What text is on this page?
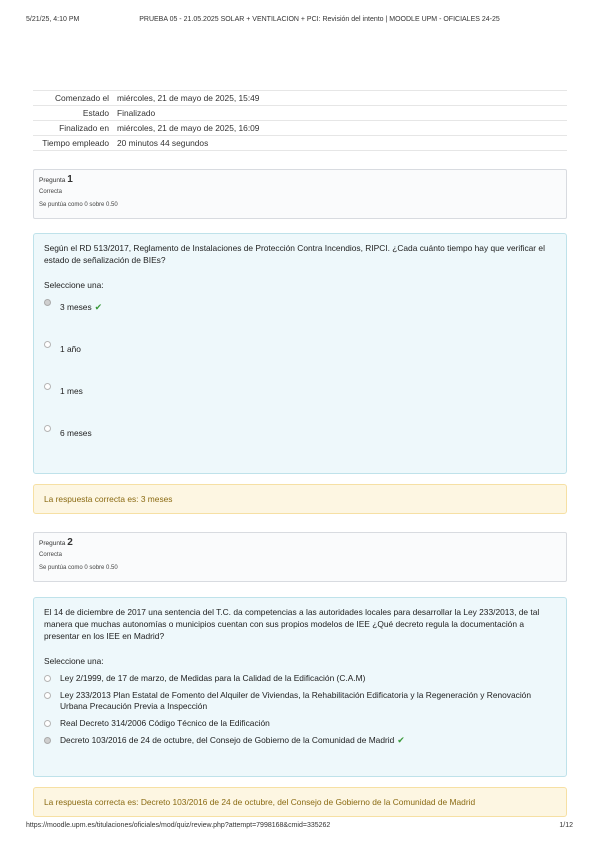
5/21/25, 4:10 PM	PRUEBA 05 - 21.05.2025 SOLAR + VENTILACION + PCI: Revisión del intento | MOODLE UPM - OFICIALES 24-25
Comenzado el miércoles, 21 de mayo de 2025, 15:49
Estado Finalizado
Finalizado en miércoles, 21 de mayo de 2025, 16:09
Tiempo empleado 20 minutos 44 segundos
Pregunta 1
Correcta
Se puntúa como 0 sobre 0.50
Según el RD 513/2017, Reglamento de Instalaciones de Protección Contra Incendios, RIPCI. ¿Cada cuánto tiempo hay que verificar el estado de señalización de BIEs?
Seleccione una:
3 meses ✔
1 año
1 mes
6 meses
La respuesta correcta es: 3 meses
Pregunta 2
Correcta
Se puntúa como 0 sobre 0.50
El 14 de diciembre de 2017 una sentencia del T.C. da competencias a las autoridades locales para desarrollar la Ley 233/2013, de tal manera que muchas autonomías o municipios cuentan con sus propios modelos de IEE ¿Qué decreto regula la documentación a presentar en los IEE en Madrid?
Seleccione una:
Ley 2/1999, de 17 de marzo, de Medidas para la Calidad de la Edificación (C.A.M)
Ley 233/2013 Plan Estatal de Fomento del Alquiler de Viviendas, la Rehabilitación Edificatoria y la Regeneración y Renovación Urbana Precaución Previa a Inspección
Real Decreto 314/2006 Código Técnico de la Edificación
Decreto 103/2016 de 24 de octubre, del Consejo de Gobierno de la Comunidad de Madrid ✔
La respuesta correcta es: Decreto 103/2016 de 24 de octubre, del Consejo de Gobierno de la Comunidad de Madrid
https://moodle.upm.es/titulaciones/oficiales/mod/quiz/review.php?attempt=7998168&cmid=335262	1/12
